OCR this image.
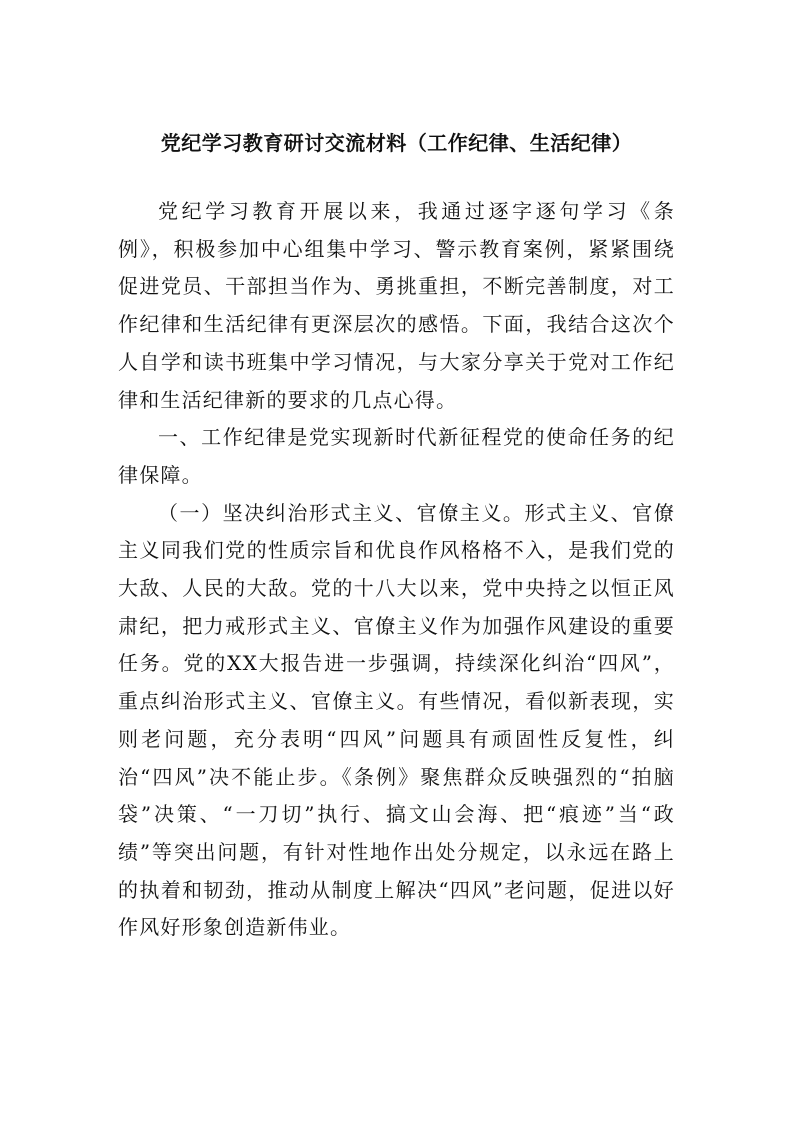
党纪学习教育研讨交流材料（工作纪律、生活纪律）

党纪学习教育开展以来，我通过逐字逐句学习《条例》，积极参加中心组集中学习、警示教育案例，紧紧围绕促进党员、干部担当作为、勇挑重担，不断完善制度，对工作纪律和生活纪律有更深层次的感悟。下面，我结合这次个人自学和读书班集中学习情况，与大家分享关于党对工作纪律和生活纪律新的要求的几点心得。

一、工作纪律是党实现新时代新征程党的使命任务的纪律保障。

（一）坚决纠治形式主义、官僚主义。形式主义、官僚主义同我们党的性质宗旨和优良作风格格不入，是我们党的大敌、人民的大敌。党的十八大以来，党中央持之以恒正风肃纪，把力戒形式主义、官僚主义作为加强作风建设的重要任务。党的XX大报告进一步强调，持续深化纠治“四风”，重点纠治形式主义、官僚主义。有些情况，看似新表现，实则老问题，充分表明“四风”问题具有顽固性反复性，纠治“四风”决不能止步。《条例》聚焦群众反映强烈的“拍脑袋”决策、“一刀切”执行、搞文山会海、把“痕迹”当“政绩”等突出问题，有针对性地作出处分规定，以永远在路上的执着和韧劲，推动从制度上解决“四风”老问题，促进以好作风好形象创造新伟业。
